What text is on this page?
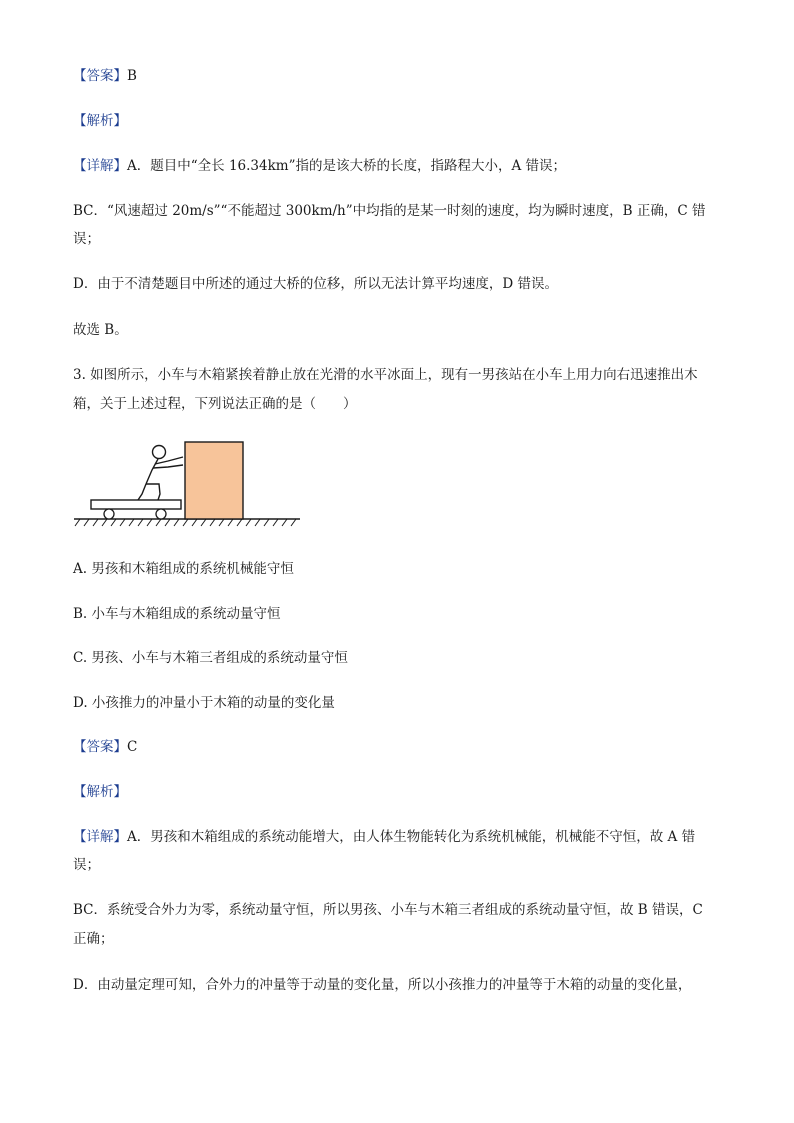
【答案】B
【解析】
【详解】A．题目中“全长 16.34km”指的是该大桥的长度，指路程大小，A 错误；
BC．“风速超过 20m/s”“不能超过 300km/h”中均指的是某一时刻的速度，均为瞬时速度，B 正确，C 错
误；
D．由于不清楚题目中所述的通过大桥的位移，所以无法计算平均速度，D 错误。
故选 B。
3. 如图所示，小车与木箱紧挨着静止放在光滑的水平冰面上，现有一男孩站在小车上用力向右迅速推出木
箱，关于上述过程，下列说法正确的是（　　）
A. 男孩和木箱组成的系统机械能守恒
B. 小车与木箱组成的系统动量守恒
C. 男孩、小车与木箱三者组成的系统动量守恒
D. 小孩推力的冲量小于木箱的动量的变化量
【答案】C
【解析】
【详解】A．男孩和木箱组成的系统动能增大，由人体生物能转化为系统机械能，机械能不守恒，故 A 错
误；
BC．系统受合外力为零，系统动量守恒，所以男孩、小车与木箱三者组成的系统动量守恒，故 B 错误，C
正确；
D．由动量定理可知，合外力的冲量等于动量的变化量，所以小孩推力的冲量等于木箱的动量的变化量，
